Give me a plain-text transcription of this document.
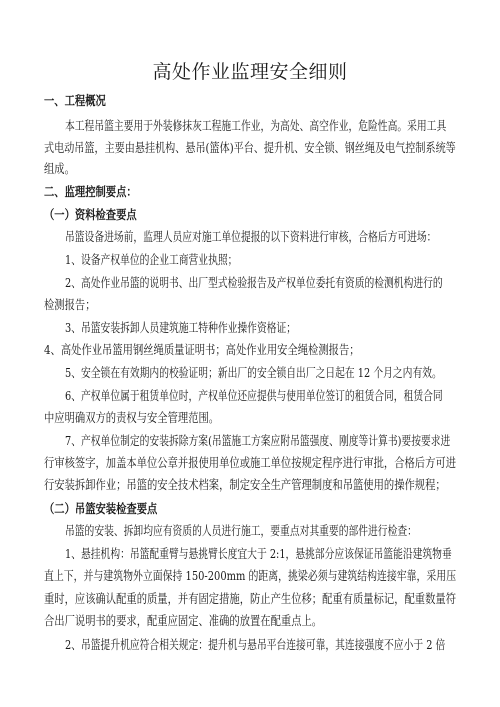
高处作业监理安全细则
一、工程概况
本工程吊篮主要用于外装修抹灰工程施工作业，为高处、高空作业，危险性高。采用工具
式电动吊篮，主要由悬挂机构、悬吊(篮体)平台、提升机、安全锁、钢丝绳及电气控制系统等
组成。
二、监理控制要点：
（一）资料检查要点
吊篮设备进场前，监理人员应对施工单位提报的以下资料进行审核，合格后方可进场：
1、设备产权单位的企业工商营业执照；
2、高处作业吊篮的说明书、出厂型式检验报告及产权单位委托有资质的检测机构进行的
检测报告；
3、吊篮安装拆卸人员建筑施工特种作业操作资格证；
4、高处作业吊篮用钢丝绳质量证明书；高处作业用安全绳检测报告；
5、安全锁在有效期内的校验证明；新出厂的安全锁自出厂之日起在 12 个月之内有效。
6、产权单位属于租赁单位时，产权单位还应提供与使用单位签订的租赁合同，租赁合同
中应明确双方的责权与安全管理范围。
7、产权单位制定的安装拆除方案(吊篮施工方案应附吊篮强度、刚度等计算书)要按要求进
行审核签字，加盖本单位公章并报使用单位或施工单位按规定程序进行审批，合格后方可进
行安装拆卸作业；吊篮的安全技术档案，制定安全生产管理制度和吊篮使用的操作规程；
（二）吊篮安装检查要点
吊篮的安装、拆卸均应有资质的人员进行施工，要重点对其重要的部件进行检查：
1、悬挂机构：吊篮配重臂与悬挑臂长度宜大于 2:1，悬挑部分应该保证吊篮能沿建筑物垂
直上下，并与建筑物外立面保持 150-200mm 的距离，挑梁必须与建筑结构连接牢靠，采用压
重时，应该确认配重的质量，并有固定措施，防止产生位移；配重有质量标记，配重数量符
合出厂说明书的要求，配重应固定、准确的放置在配重点上。
2、吊篮提升机应符合相关规定：提升机与悬吊平台连接可靠，其连接强度不应小于 2 倍
